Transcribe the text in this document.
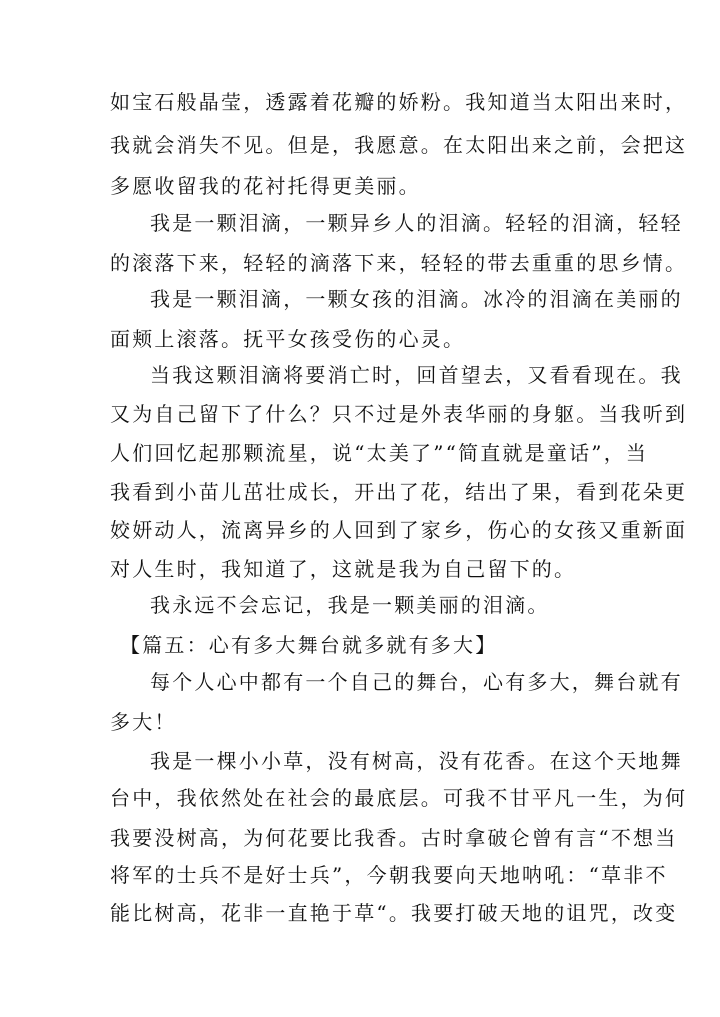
如宝石般晶莹，透露着花瓣的娇粉。我知道当太阳出来时，

我就会消失不见。但是，我愿意。在太阳出来之前，会把这

多愿收留我的花衬托得更美丽。

我是一颗泪滴，一颗异乡人的泪滴。轻轻的泪滴，轻轻

的滚落下来，轻轻的滴落下来，轻轻的带去重重的思乡情。

我是一颗泪滴，一颗女孩的泪滴。冰冷的泪滴在美丽的

面颊上滚落。抚平女孩受伤的心灵。

当我这颗泪滴将要消亡时，回首望去，又看看现在。我

又为自己留下了什么？只不过是外表华丽的身躯。当我听到

人们回忆起那颗流星，说“太美了”“简直就是童话”，当

我看到小苗儿茁壮成长，开出了花，结出了果，看到花朵更

姣妍动人，流离异乡的人回到了家乡，伤心的女孩又重新面

对人生时，我知道了，这就是我为自己留下的。

我永远不会忘记，我是一颗美丽的泪滴。

【篇五：心有多大舞台就多就有多大】

每个人心中都有一个自己的舞台，心有多大，舞台就有

多大！

我是一棵小小草，没有树高，没有花香。在这个天地舞

台中，我依然处在社会的最底层。可我不甘平凡一生，为何

我要没树高，为何花要比我香。古时拿破仑曾有言“不想当

将军的士兵不是好士兵”，今朝我要向天地呐吼：“草非不

能比树高，花非一直艳于草“。我要打破天地的诅咒，改变
